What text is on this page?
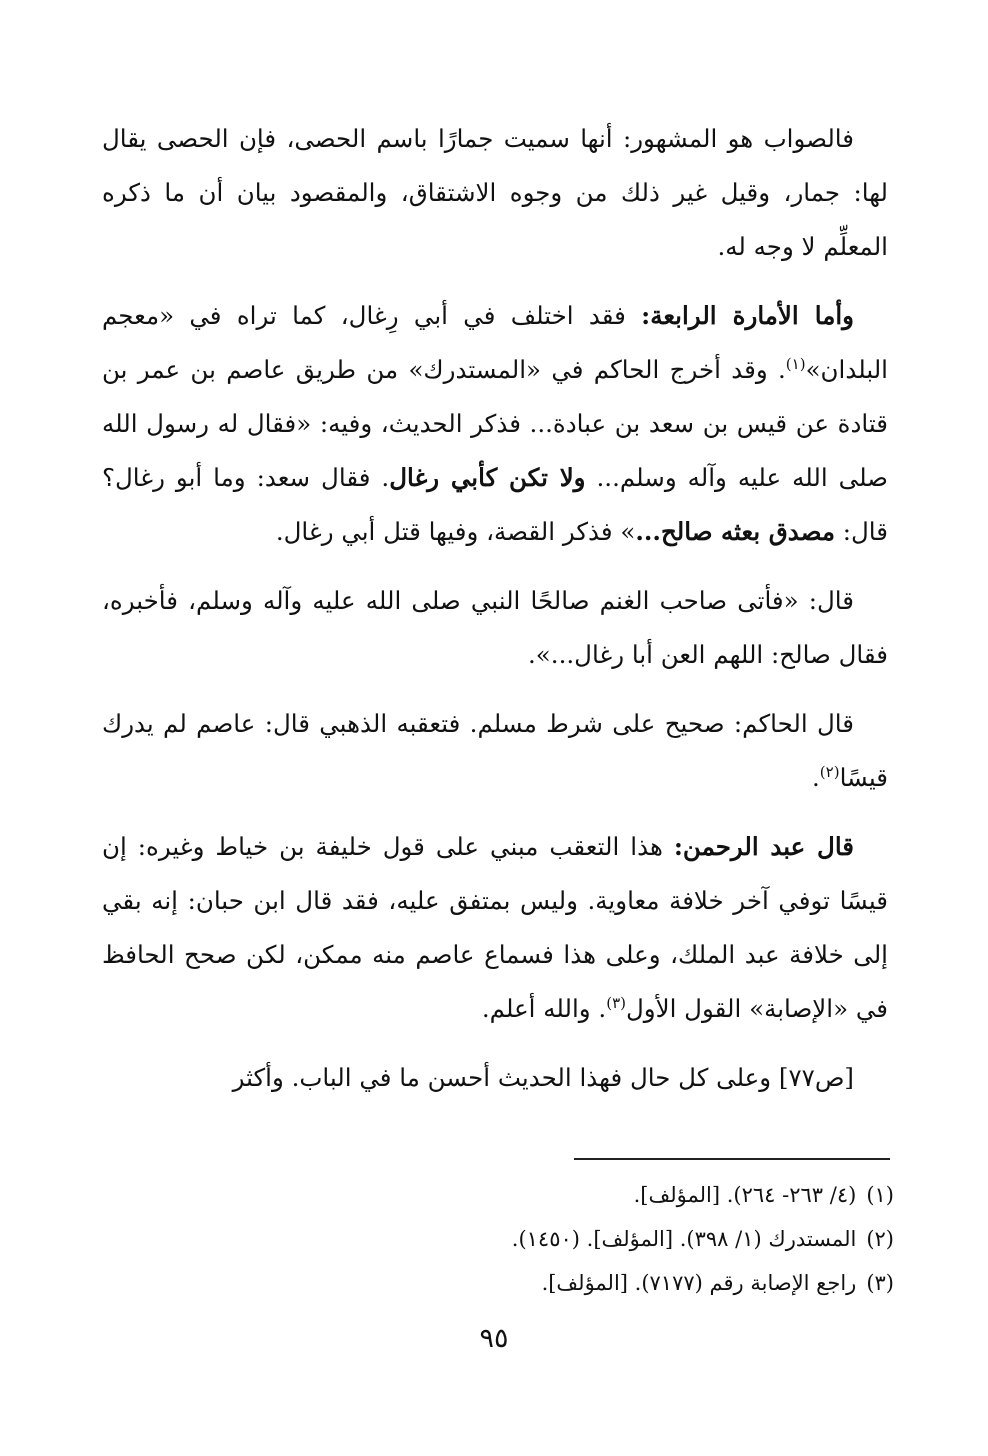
فالصواب هو المشهور: أنها سميت جمارًا باسم الحصى، فإن الحصى يقال لها: جمار، وقيل غير ذلك من وجوه الاشتقاق، والمقصود بيان أن ما ذكره المعلِّم لا وجه له.

وأما الأمارة الرابعة: فقد اختلف في أبي رِغال، كما تراه في «معجم البلدان»$^{(١)}$. وقد أخرج الحاكم في «المستدرك» من طريق عاصم بن عمر بن قتادة عن قيس بن سعد بن عبادة... فذكر الحديث، وفيه: «فقال له رسول الله صلى الله عليه وآله وسلم... ولا تكن كأبي رغال. فقال سعد: وما أبو رغال؟ قال: مصدق بعثه صالح...» فذكر القصة، وفيها قتل أبي رغال.

قال: «فأتى صاحب الغنم صالحًا النبي صلى الله عليه وآله وسلم، فأخبره، فقال صالح: اللهم العن أبا رغال...».

قال الحاكم: صحيح على شرط مسلم. فتعقبه الذهبي قال: عاصم لم يدرك قيسًا$^{(٢)}$.

قال عبد الرحمن: هذا التعقب مبني على قول خليفة بن خياط وغيره: إن قيسًا توفي آخر خلافة معاوية. وليس بمتفق عليه، فقد قال ابن حبان: إنه بقي إلى خلافة عبد الملك، وعلى هذا فسماع عاصم منه ممكن، لكن صحح الحافظ في «الإصابة» القول الأول$^{(٣)}$. والله أعلم.

[ص٧٧] وعلى كل حال فهذا الحديث أحسن ما في الباب. وأكثر

(١)(٤/ ٢٦٣- ٢٦٤). [المؤلف].

(٢)المستدرك (١/ ٣٩٨). [المؤلف]. (١٤٥٠).

(٣)راجع الإصابة رقم (٧١٧٧). [المؤلف].

٩٥
